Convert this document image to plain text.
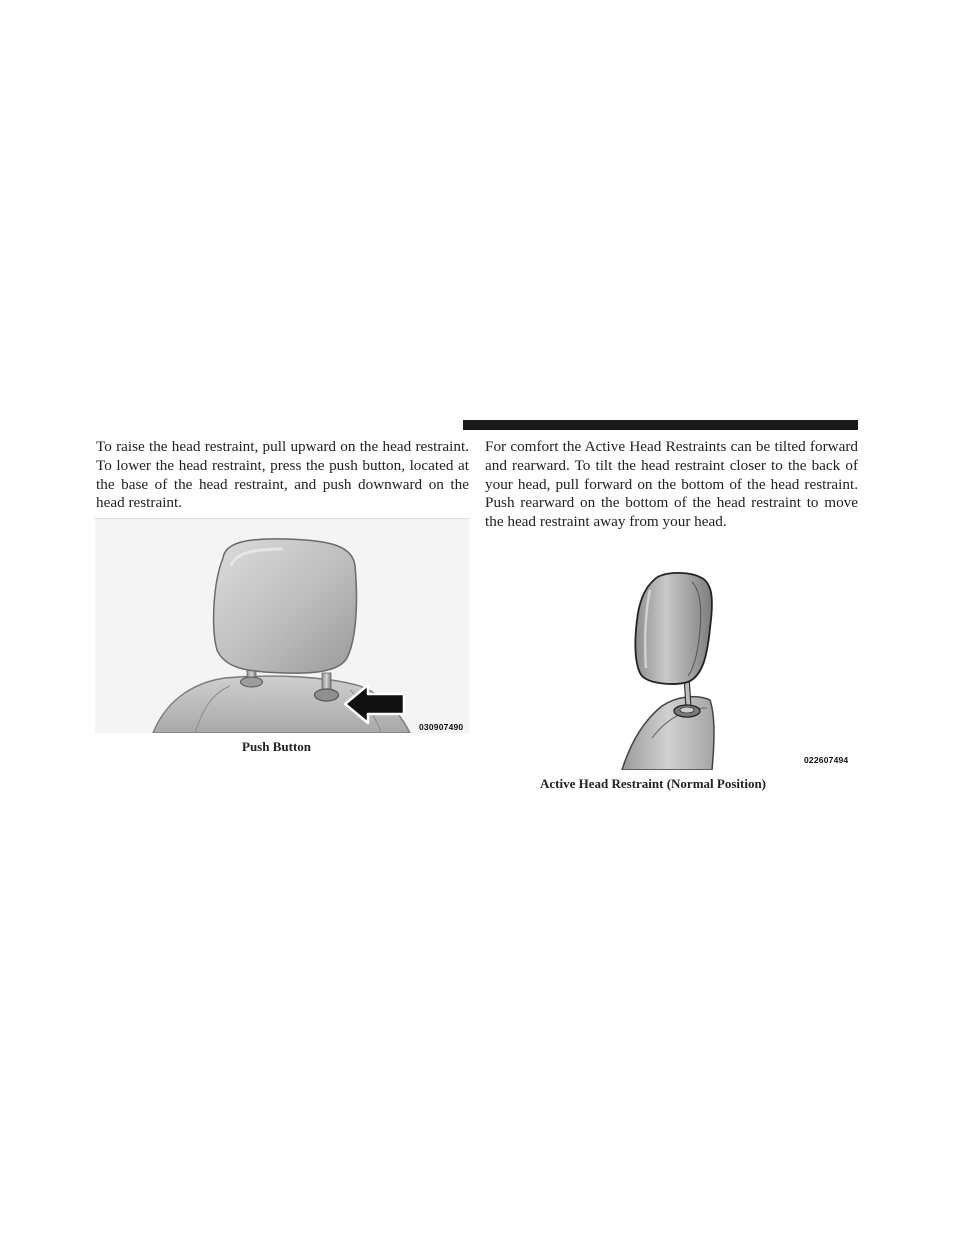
To raise the head restraint, pull upward on the head restraint. To lower the head restraint, press the push button, located at the base of the head restraint, and push downward on the head restraint.

For comfort the Active Head Restraints can be tilted forward and rearward. To tilt the head restraint closer to the back of your head, pull forward on the bottom of the head restraint. Push rearward on the bottom of the head restraint to move the head restraint away from your head.

030907490
Push Button
022607494
Active Head Restraint (Normal Position)
